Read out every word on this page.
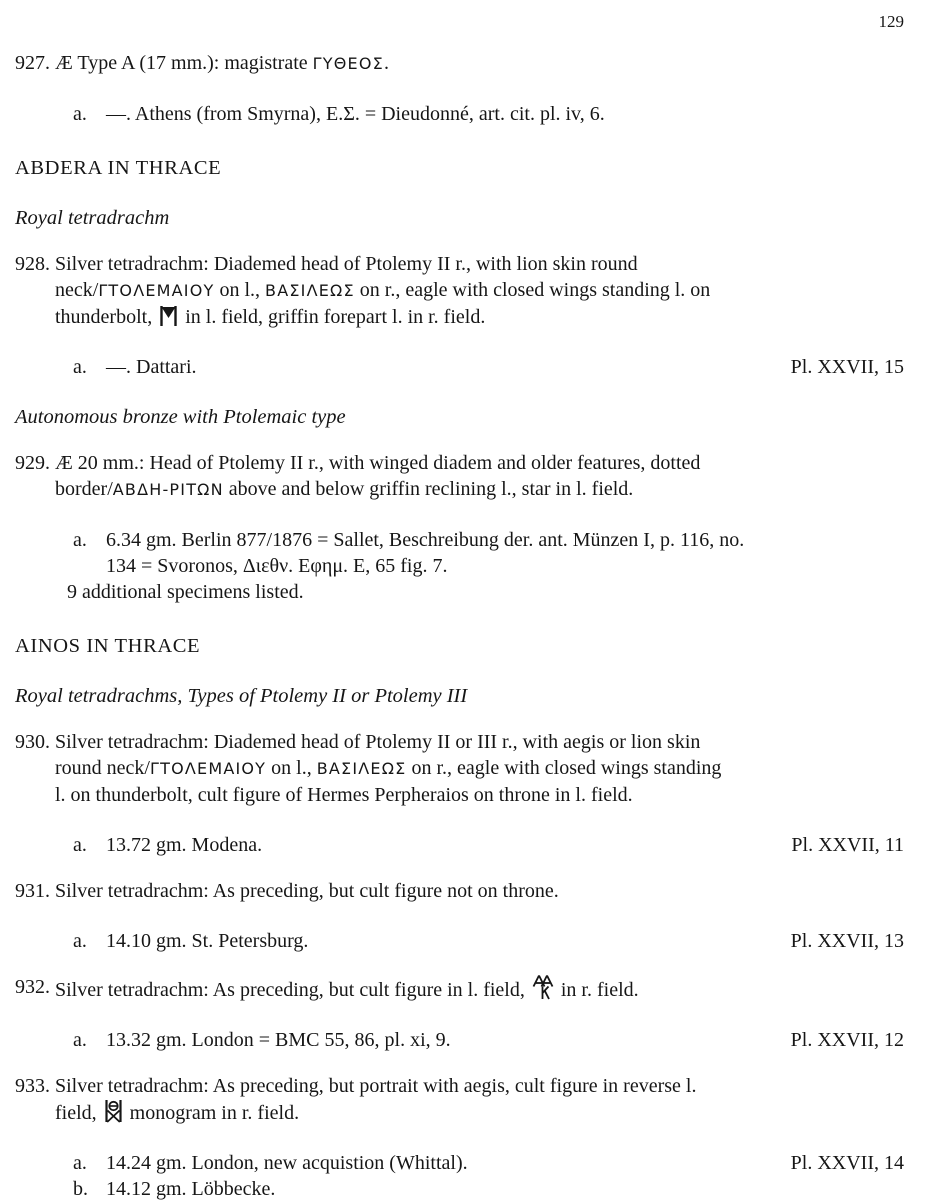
129
927. Æ Type A (17 mm.): magistrate ΓΥΘΕΟΣ.
a. —. Athens (from Smyrna), Ε.Σ. = Dieudonné, art. cit. pl. iv, 6.
ABDERA IN THRACE
Royal tetradrachm
928. Silver tetradrachm: Diademed head of Ptolemy II r., with lion skin round
neck/ΓΤΟΛΕΜΑΙΟΥ on l., ΒΑΣΙΛΕΩΣ on r., eagle with closed wings standing l. on
thunderbolt,
in l. field, griffin forepart l. in r. field.
a. —. Dattari.	Pl. XXVII, 15
Autonomous bronze with Ptolemaic type
929. Æ 20 mm.: Head of Ptolemy II r., with winged diadem and older features, dotted
border/ΑΒΔΗ-ΡΙΤΩΝ above and below griffin reclining l., star in l. field.
a. 6.34 gm. Berlin 877/1876 = Sallet, Beschreibung der. ant. Münzen I, p. 116, no.
134 = Svoronos, Διεθν. Εφημ. Ε, 65 fig. 7.
9 additional specimens listed.
AINOS IN THRACE
Royal tetradrachms, Types of Ptolemy II or Ptolemy III
930. Silver tetradrachm: Diademed head of Ptolemy II or III r., with aegis or lion skin
round neck/ΓΤΟΛΕΜΑΙΟΥ on l., ΒΑΣΙΛΕΩΣ on r., eagle with closed wings standing
l. on thunderbolt, cult figure of Hermes Perpheraios on throne in l. field.
a. 13.72 gm. Modena.	Pl. XXVII, 11
931. Silver tetradrachm: As preceding, but cult figure not on throne.
a. 14.10 gm. St. Petersburg.	Pl. XXVII, 13
932. Silver tetradrachm: As preceding, but cult figure in l. field,
in r. field.
a. 13.32 gm. London = BMC 55, 86, pl. xi, 9.	Pl. XXVII, 12
933. Silver tetradrachm: As preceding, but portrait with aegis, cult figure in reverse l.
field,
monogram in r. field.
a. 14.24 gm. London, new acquistion (Whittal).	Pl. XXVII, 14
b. 14.12 gm. Löbbecke.
